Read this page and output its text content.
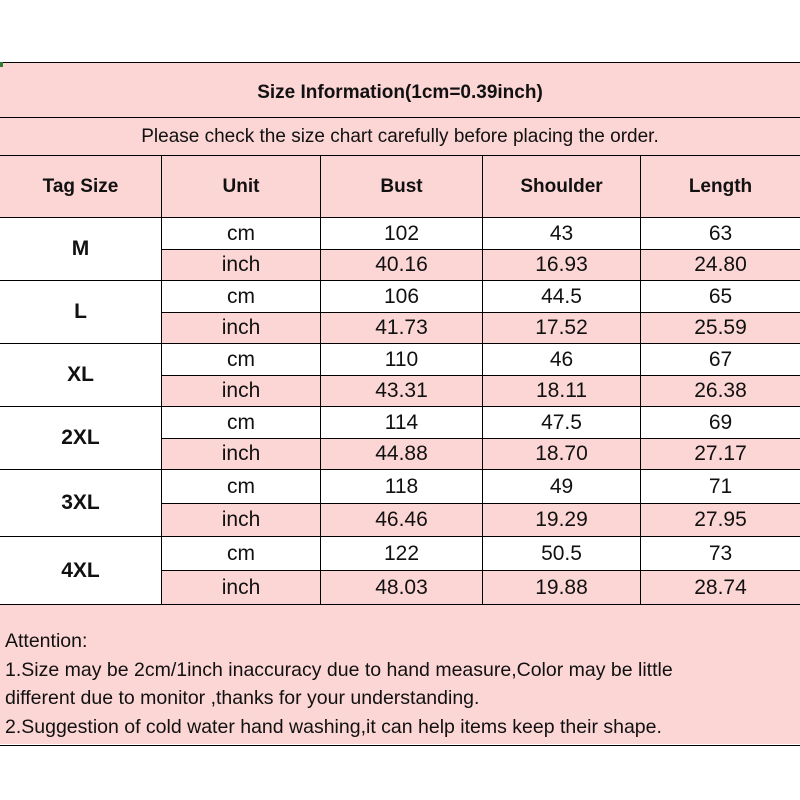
Size Information(1cm=0.39inch)
Please check the size chart carefully before placing the order.
Tag Size	Unit	Bust	Shoulder	Length
M
cm	102	43	63
inch	40.16	16.93	24.80
L
cm	106	44.5	65
inch	41.73	17.52	25.59
XL
cm	110	46	67
inch	43.31	18.11	26.38
2XL
cm	114	47.5	69
inch	44.88	18.70	27.17
3XL
cm	118	49	71
inch	46.46	19.29	27.95
4XL
cm	122	50.5	73
inch	48.03	19.88	28.74
Attention:
1.Size may be 2cm/1inch inaccuracy due to hand measure,Color may be little
different due to monitor ,thanks for your understanding.
2.Suggestion of cold water hand washing,it can help items keep their shape.
